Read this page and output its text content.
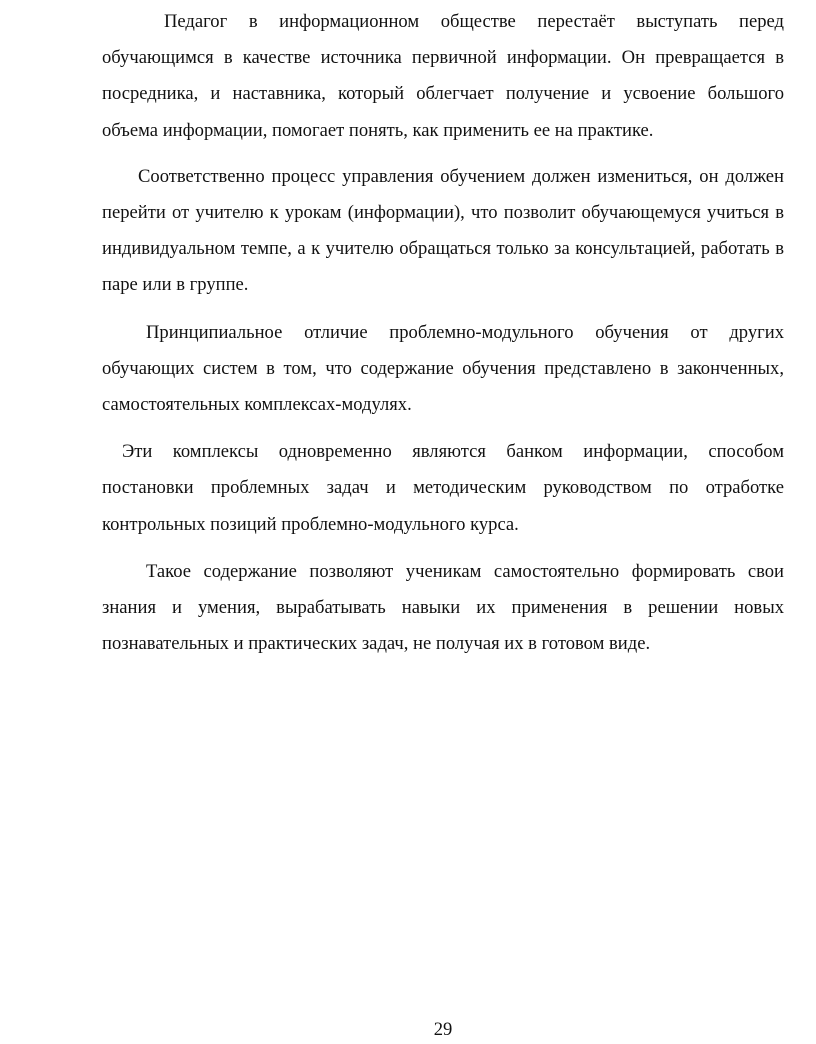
Педагог в информационном обществе перестаёт выступать перед обучающимся в качестве источника первичной информации. Он превращается в посредника, и наставника, который облегчает получение и усвоение большого объема информации, помогает понять, как применить ее на практике.

Соответственно процесс управления обучением должен измениться, он должен перейти от учителю к урокам (информации), что позволит обучающемуся учиться в индивидуальном темпе, а к учителю обращаться только за консультацией, работать в паре или в группе.

Принципиальное отличие проблемно-модульного обучения от других обучающих систем в том, что содержание обучения представлено в законченных, самостоятельных комплексах-модулях.

Эти комплексы одновременно являются банком информации, способом постановки проблемных задач и методическим руководством по отработке контрольных позиций проблемно-модульного курса.

Такое содержание позволяют ученикам самостоятельно формировать свои знания и умения, вырабатывать навыки их применения в решении новых познавательных и практических задач, не получая их в готовом виде.

29
